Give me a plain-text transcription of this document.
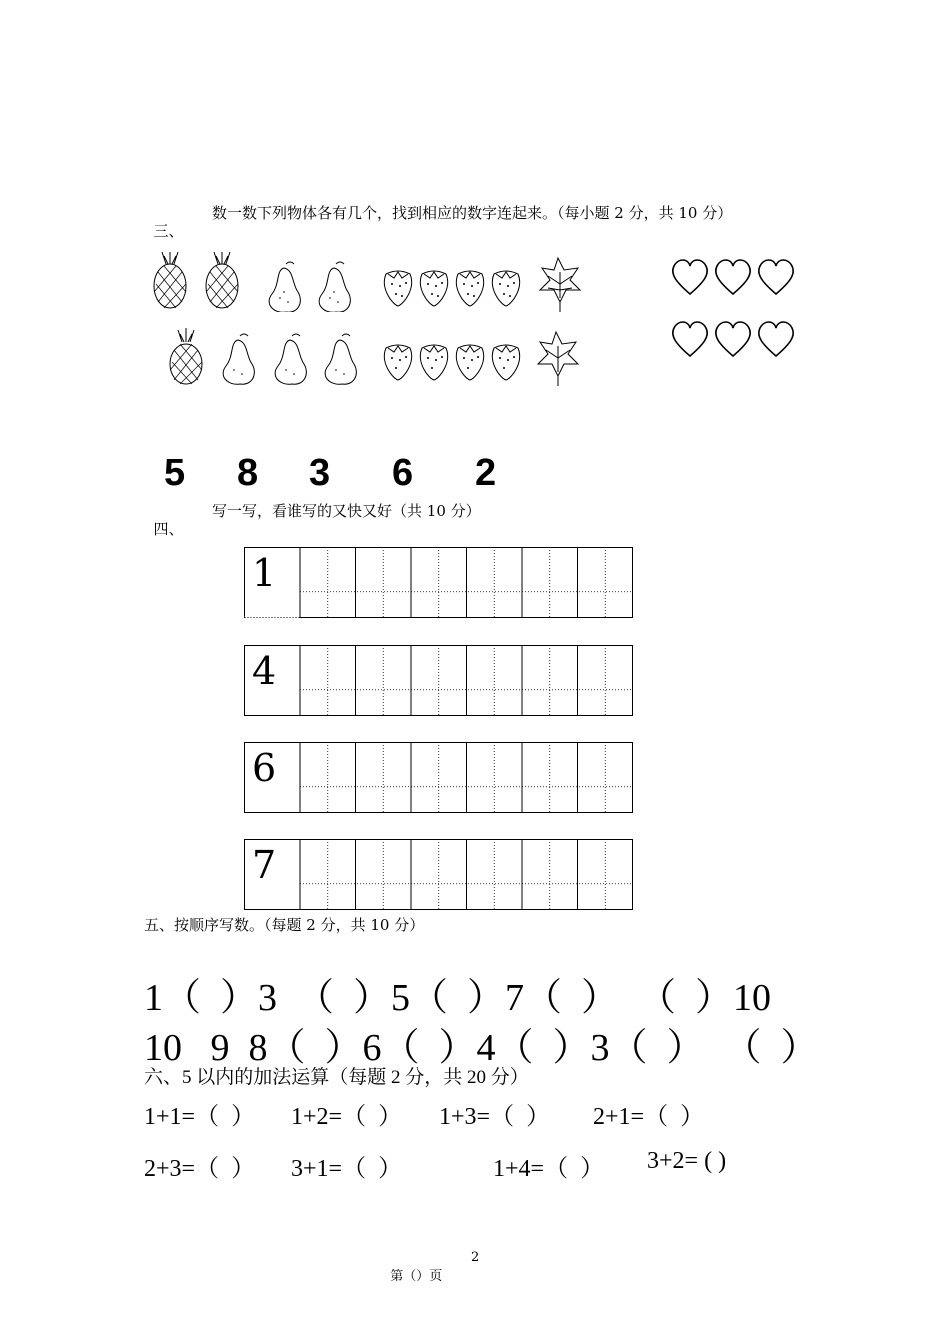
三、

数一数下列物体各有几个，找到相应的数字连起来。（每小题 2 分，共 10 分）

5 8 3 6 2

四、

写一写，看谁写的又快又好（共 10 分）

1
4
6
7
五、按顺序写数。（每题 2 分，共 10 分）
1（  ）3  （  ）5（  ）7（  ）  （  ）10
10   9  8（  ）6（  ）4（  ）3（  ）  （  ）
六、5 以内的加法运算（每题 2 分，共 20 分）
1+1=（  ） 1+2=（  ） 1+3=（  ） 2+1=（  ）
2+3=（  ） 3+1=（  ）	1+4=（  ） 3+2= ( )

第（）页

2
